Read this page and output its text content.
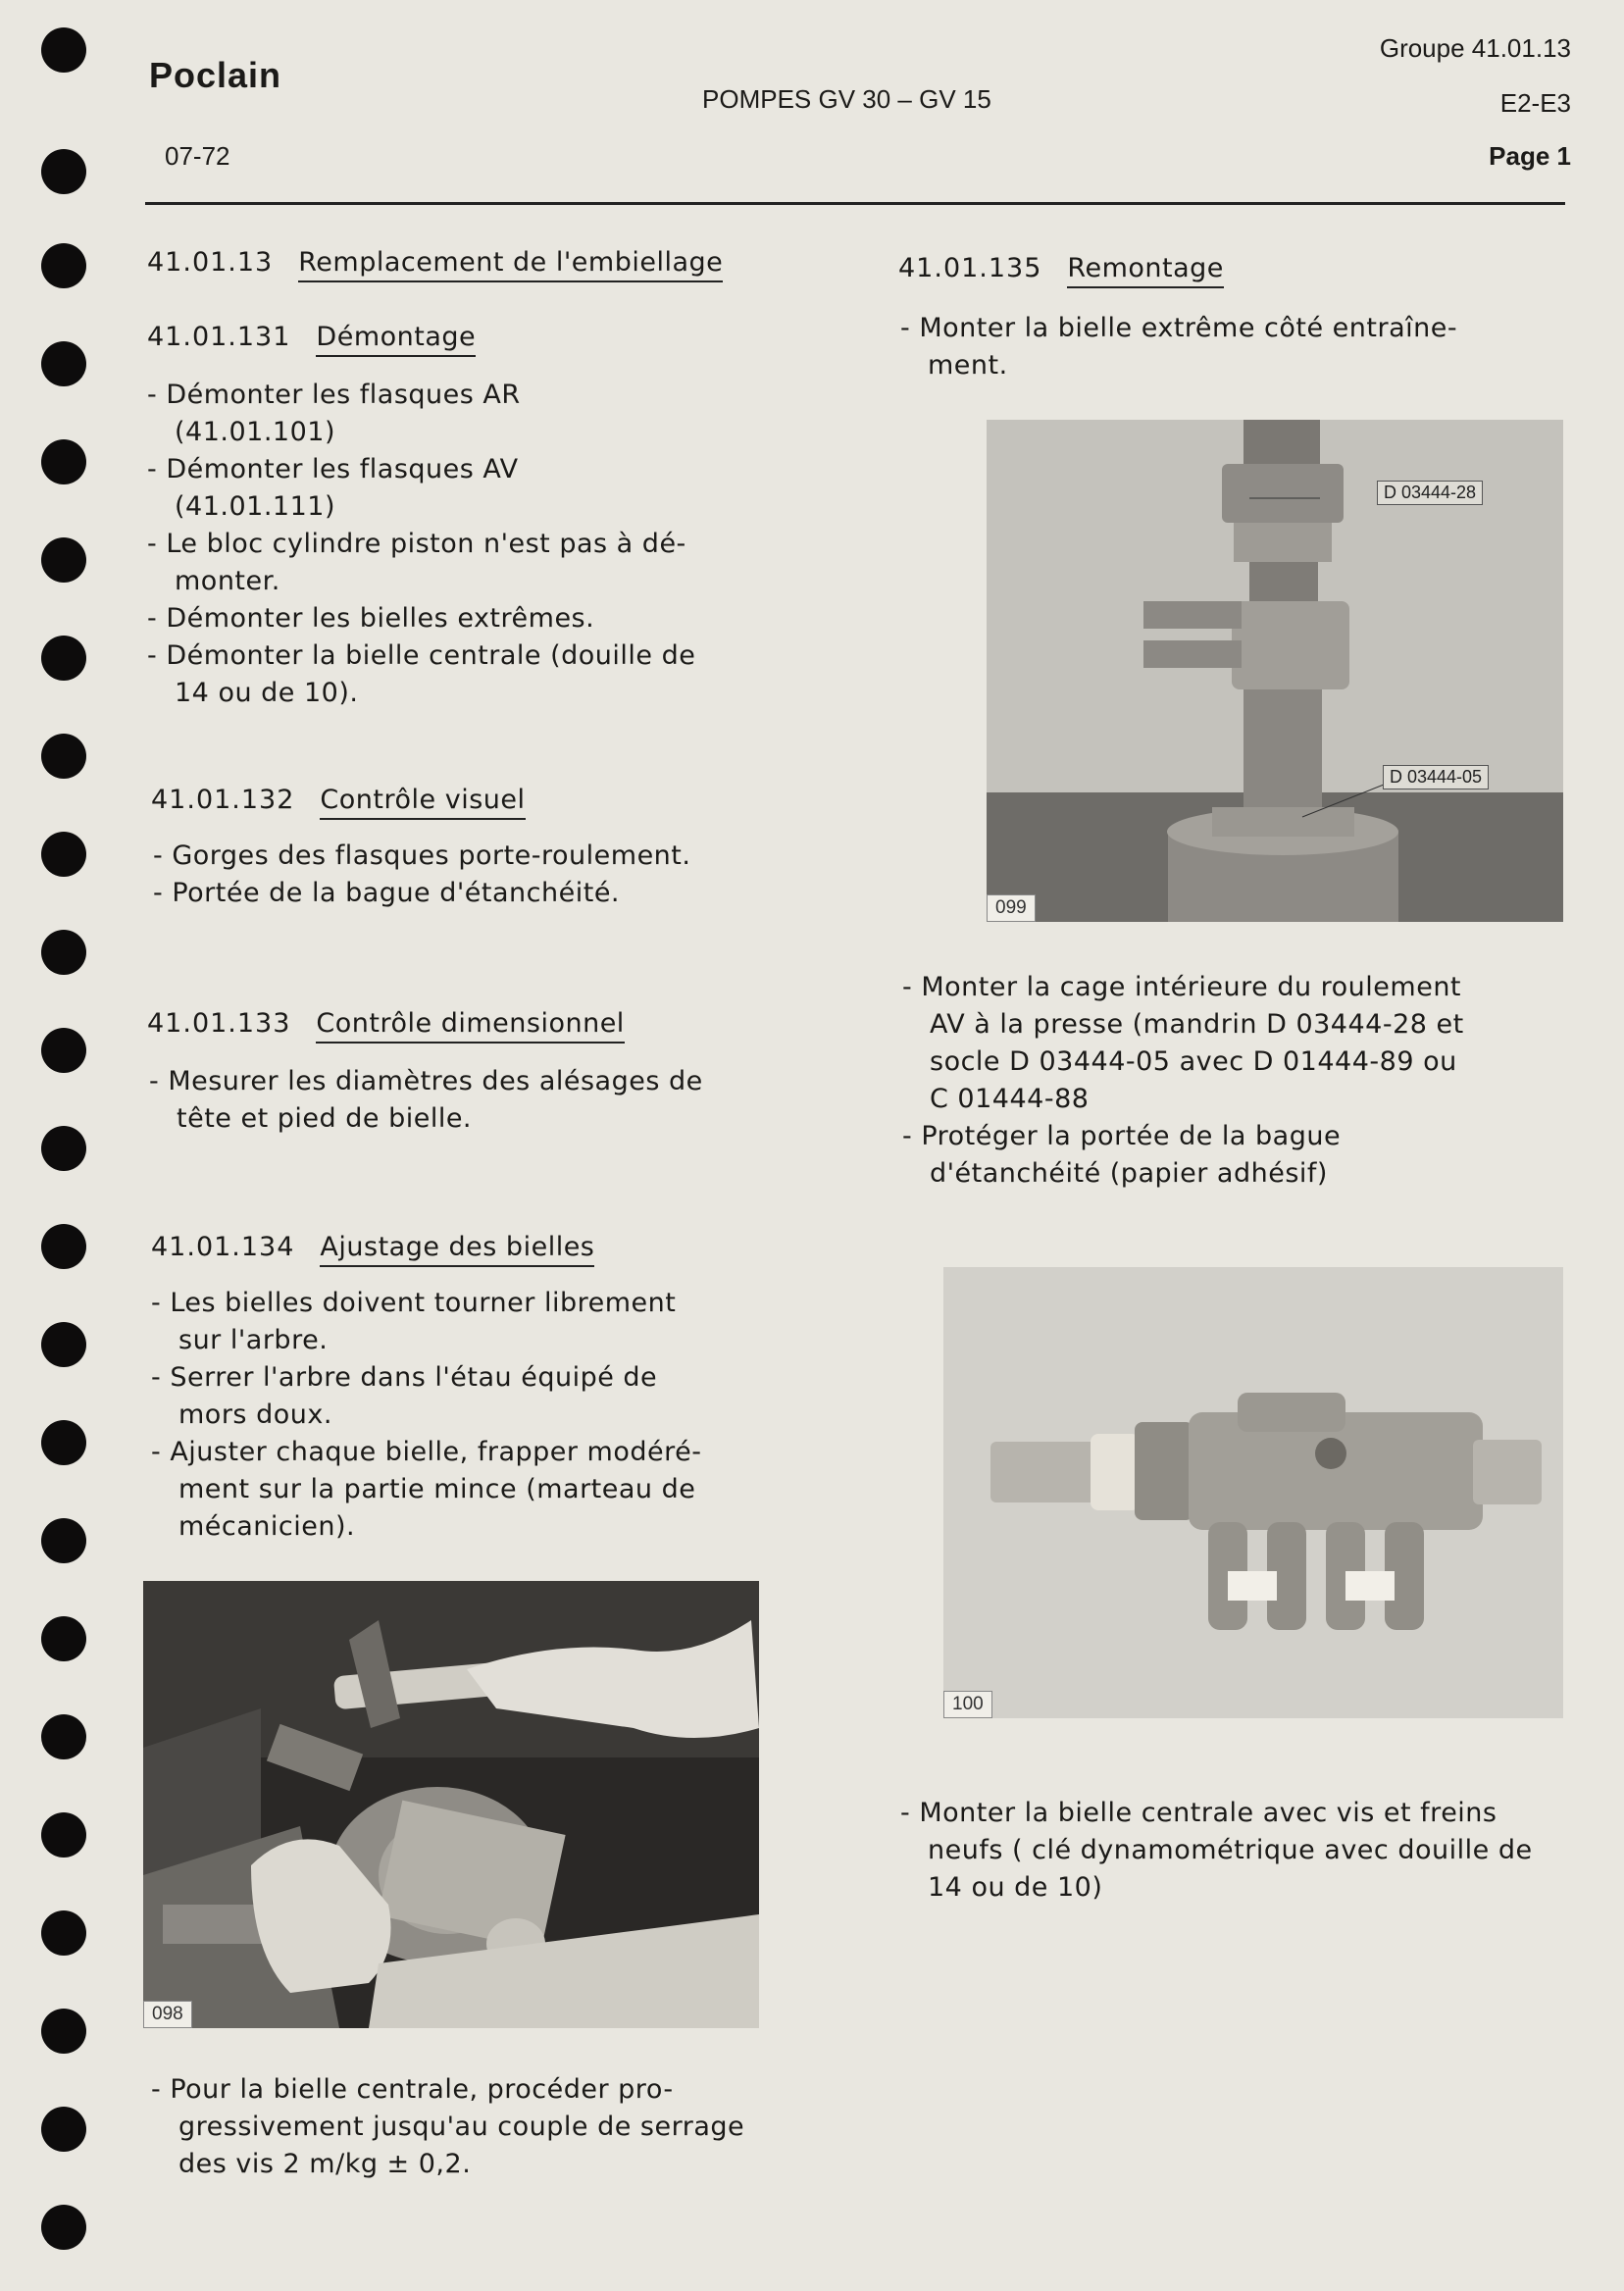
Poclain
07-72
POMPES GV 30 – GV 15
Groupe 41.01.13
E2-E3
Page 1
41.01.13 Remplacement de l'embiellage
41.01.131 Démontage
- Démonter les flasques AR
(41.01.101)
- Démonter les flasques AV
(41.01.111)
- Le bloc cylindre piston n'est pas à dé-
monter.
- Démonter les bielles extrêmes.
- Démonter la bielle centrale (douille de
14 ou de 10).
41.01.132 Contrôle visuel
- Gorges des flasques porte-roulement.
- Portée de la bague d'étanchéité.
41.01.133 Contrôle dimensionnel
- Mesurer les diamètres des alésages de
tête et pied de bielle.
41.01.134 Ajustage des bielles
- Les bielles doivent tourner librement
sur l'arbre.
- Serrer l'arbre dans l'étau équipé de
mors doux.
- Ajuster chaque bielle, frapper modéré-
ment sur la partie mince (marteau de
mécanicien).
098
- Pour la bielle centrale, procéder pro-
gressivement jusqu'au couple de serrage
des vis 2 m/kg ± 0,2.
41.01.135 Remontage
- Monter la bielle extrême côté entraîne-
ment.
D 03444-28
D 03444-05
099
- Monter la cage intérieure du roulement
AV à la presse (mandrin D 03444-28 et
socle D 03444-05 avec D 01444-89 ou
C 01444-88
- Protéger la portée de la bague
d'étanchéité (papier adhésif)
100
- Monter la bielle centrale avec vis et freins
neufs ( clé dynamométrique avec douille de
14 ou de 10)
